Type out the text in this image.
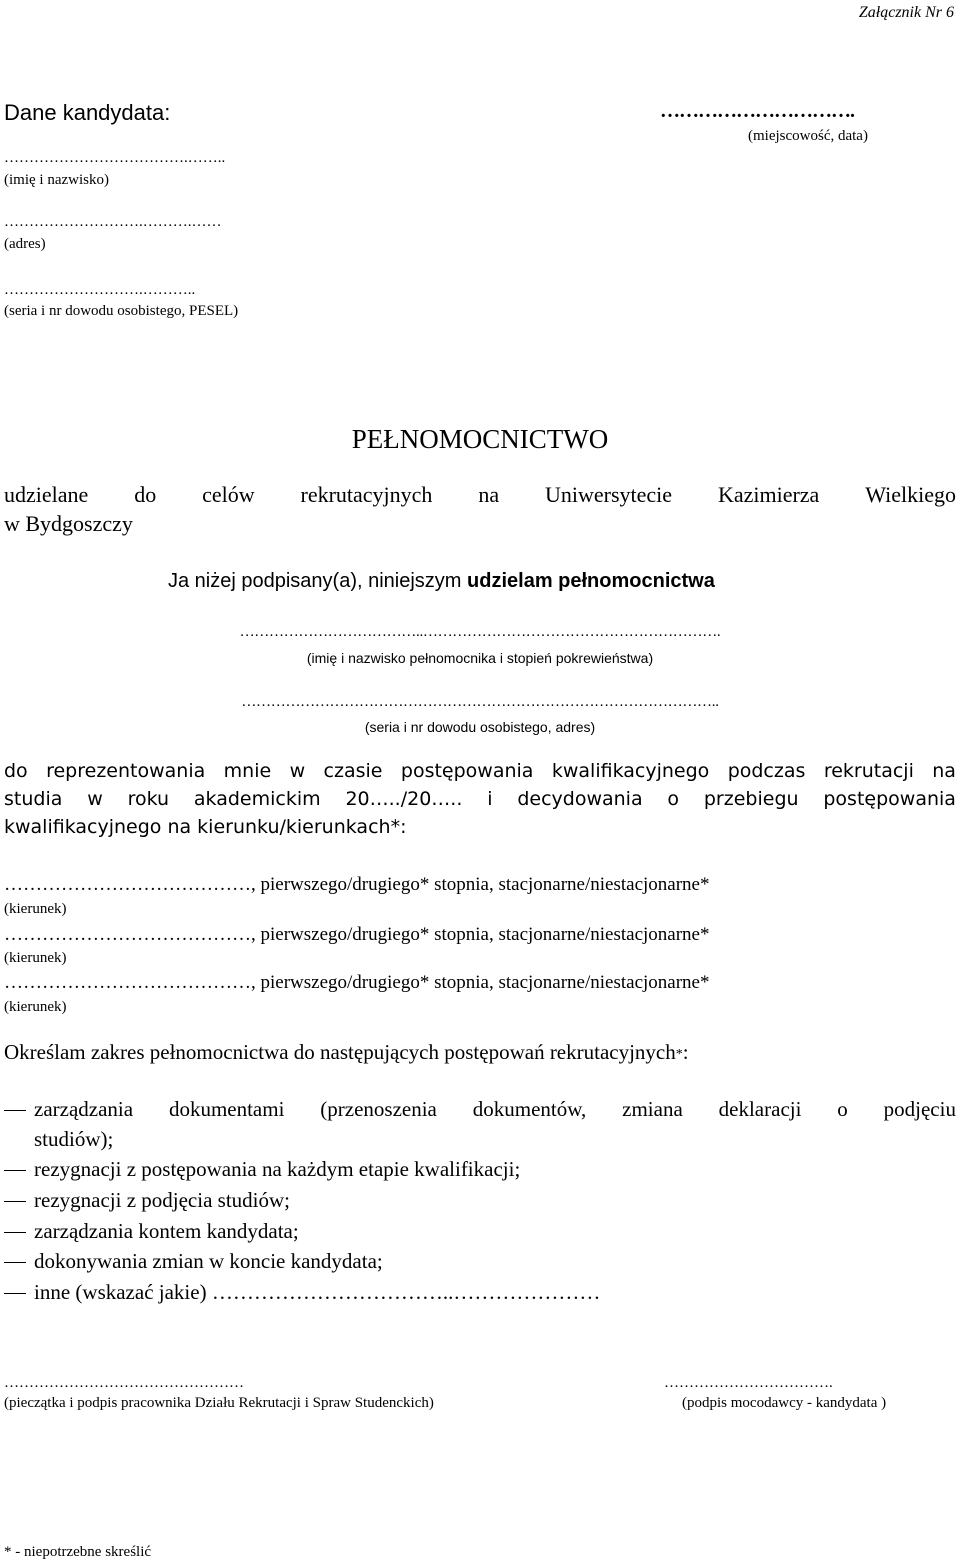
Załącznik Nr 6
Dane kandydata:	………………………….
(miejscowość, data)
……………………………….……..
(imię i nazwisko)
……………………….……….……
(adres)
……………………….………..
(seria i nr dowodu osobistego, PESEL)
PEŁNOMOCNICTWO
udzielane do celów rekrutacyjnych na Uniwersytecie Kazimierza Wielkiego
w Bydgoszczy
Ja niżej podpisany(a), niniejszym udzielam pełnomocnictwa
………………………………..…………………………………………………….
(imię i nazwisko pełnomocnika i stopień pokrewieństwa)
……………………………………………………………………………………..
(seria i nr dowodu osobistego, adres)
do reprezentowania mnie w czasie postępowania kwalifikacyjnego podczas rekrutacji na
studia w roku akademickim 20…../20….. i decydowania o przebiegu postępowania
kwalifikacyjnego na kierunku/kierunkach*:
…………………………………, pierwszego/drugiego* stopnia, stacjonarne/niestacjonarne*
(kierunek)
…………………………………, pierwszego/drugiego* stopnia, stacjonarne/niestacjonarne*
(kierunek)
…………………………………, pierwszego/drugiego* stopnia, stacjonarne/niestacjonarne*
(kierunek)
Określam zakres pełnomocnictwa do następujących postępowań rekrutacyjnych*:
zarządzania dokumentami (przenoszenia dokumentów, zmiana deklaracji o podjęciu
studiów);
rezygnacji z postępowania na każdym etapie kwalifikacji;
rezygnacji z podjęcia studiów;
zarządzania kontem kandydata;
dokonywania zmian w koncie kandydata;
inne (wskazać jakie) ……………………………..…………………
…………………………………………
(pieczątka i podpis pracownika Działu Rekrutacji i Spraw Studenckich)
…………………………….
(podpis mocodawcy - kandydata )
* - niepotrzebne skreślić
